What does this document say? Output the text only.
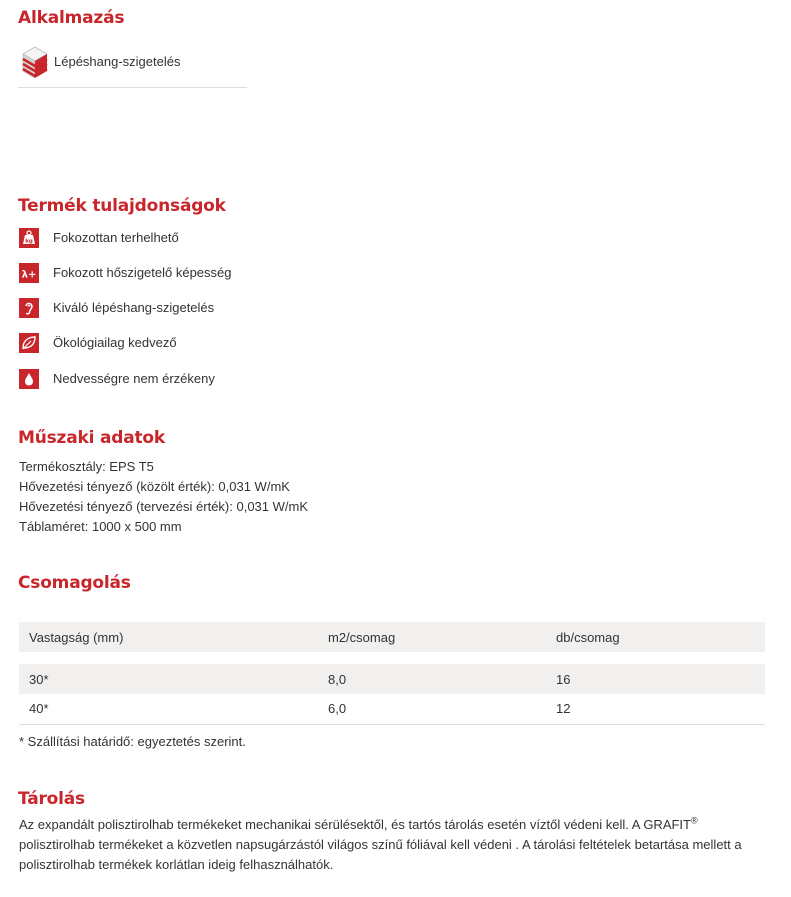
Alkalmazás
Lépéshang-szigetelés
Termék tulajdonságok
kg Fokozottan terhelhető
λ+ Fokozott hőszigetelő képesség
Kiváló lépéshang-szigetelés
Ökológiailag kedvező
Nedvességre nem érzékeny
Műszaki adatok
Termékosztály: EPS T5
Hővezetési tényező (közölt érték): 0,031 W/mK
Hővezetési tényező (tervezési érték): 0,031 W/mK
Táblaméret: 1000 x 500 mm
Csomagolás
Vastagság (mm)	m2/csomag	db/csomag

30*	8,0	16
40*	6,0	12
* Szállítási határidő: egyeztetés szerint.
Tárolás
Az expandált polisztirolhab termékeket mechanikai sérülésektől, és tartós tárolás esetén víztől védeni kell. A GRAFIT® polisztirolhab termékeket a közvetlen napsugárzástól világos színű fóliával kell védeni . A tárolási feltételek betartása mellett a polisztirolhab termékek korlátlan ideig felhasználhatók.
